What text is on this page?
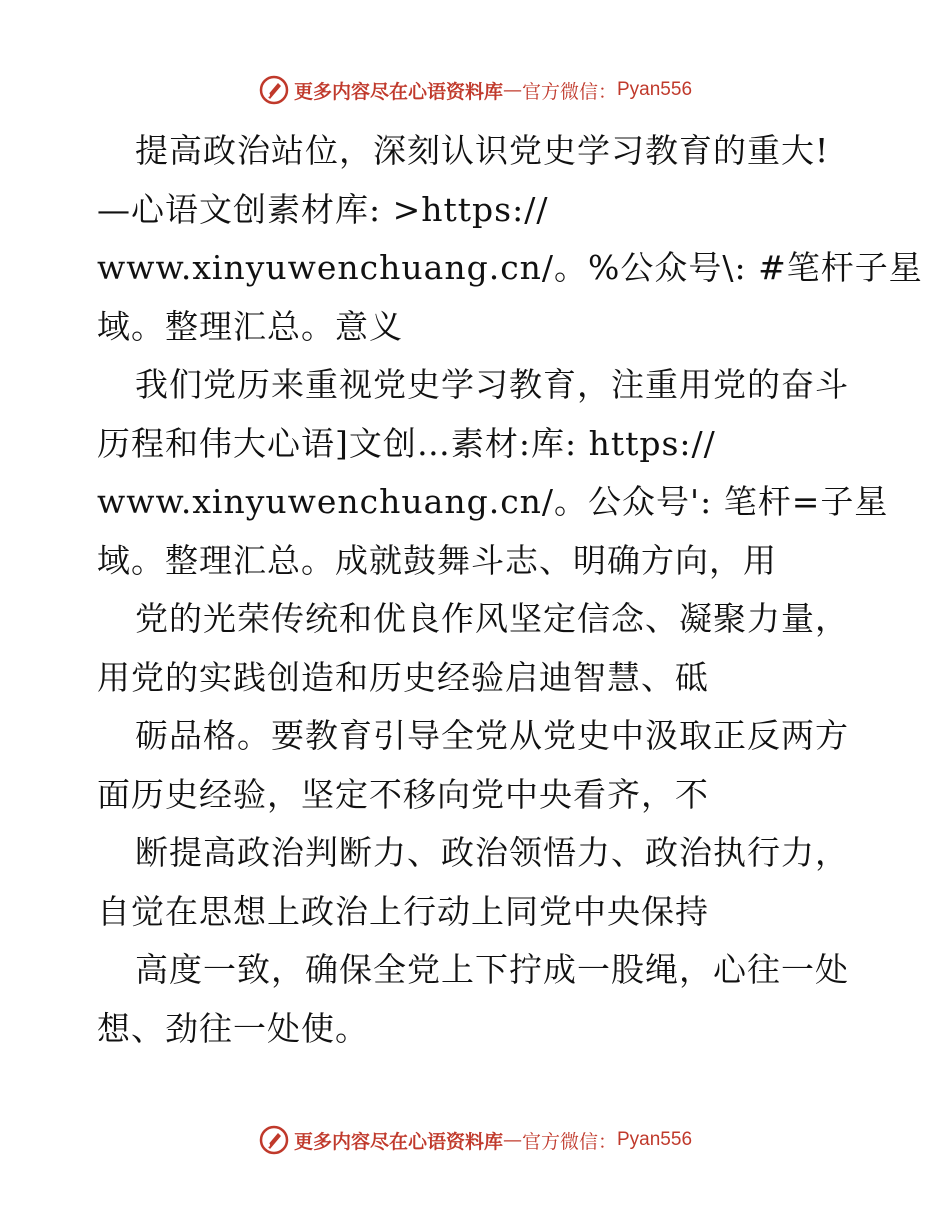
更多内容尽在心语资料库 — 官方微信： Pyan556
提高政治站位，深刻认识党史学习教育的重大!
—心语文创素材库: >https://
www.xinyuwenchuang.cn/。%公众号\: #笔杆子星
域。整理汇总。意义
我们党历来重视党史学习教育，注重用党的奋斗
历程和伟大心语]文创…素材:库: https://
www.xinyuwenchuang.cn/。公众号': 笔杆=子星
域。整理汇总。成就鼓舞斗志、明确方向，用
党的光荣传统和优良作风坚定信念、凝聚力量，
用党的实践创造和历史经验启迪智慧、砥
砺品格。要教育引导全党从党史中汲取正反两方
面历史经验，坚定不移向党中央看齐，不
断提高政治判断力、政治领悟力、政治执行力，
自觉在思想上政治上行动上同党中央保持
高度一致，确保全党上下拧成一股绳，心往一处
想、劲往一处使。
更多内容尽在心语资料库 — 官方微信： Pyan556
